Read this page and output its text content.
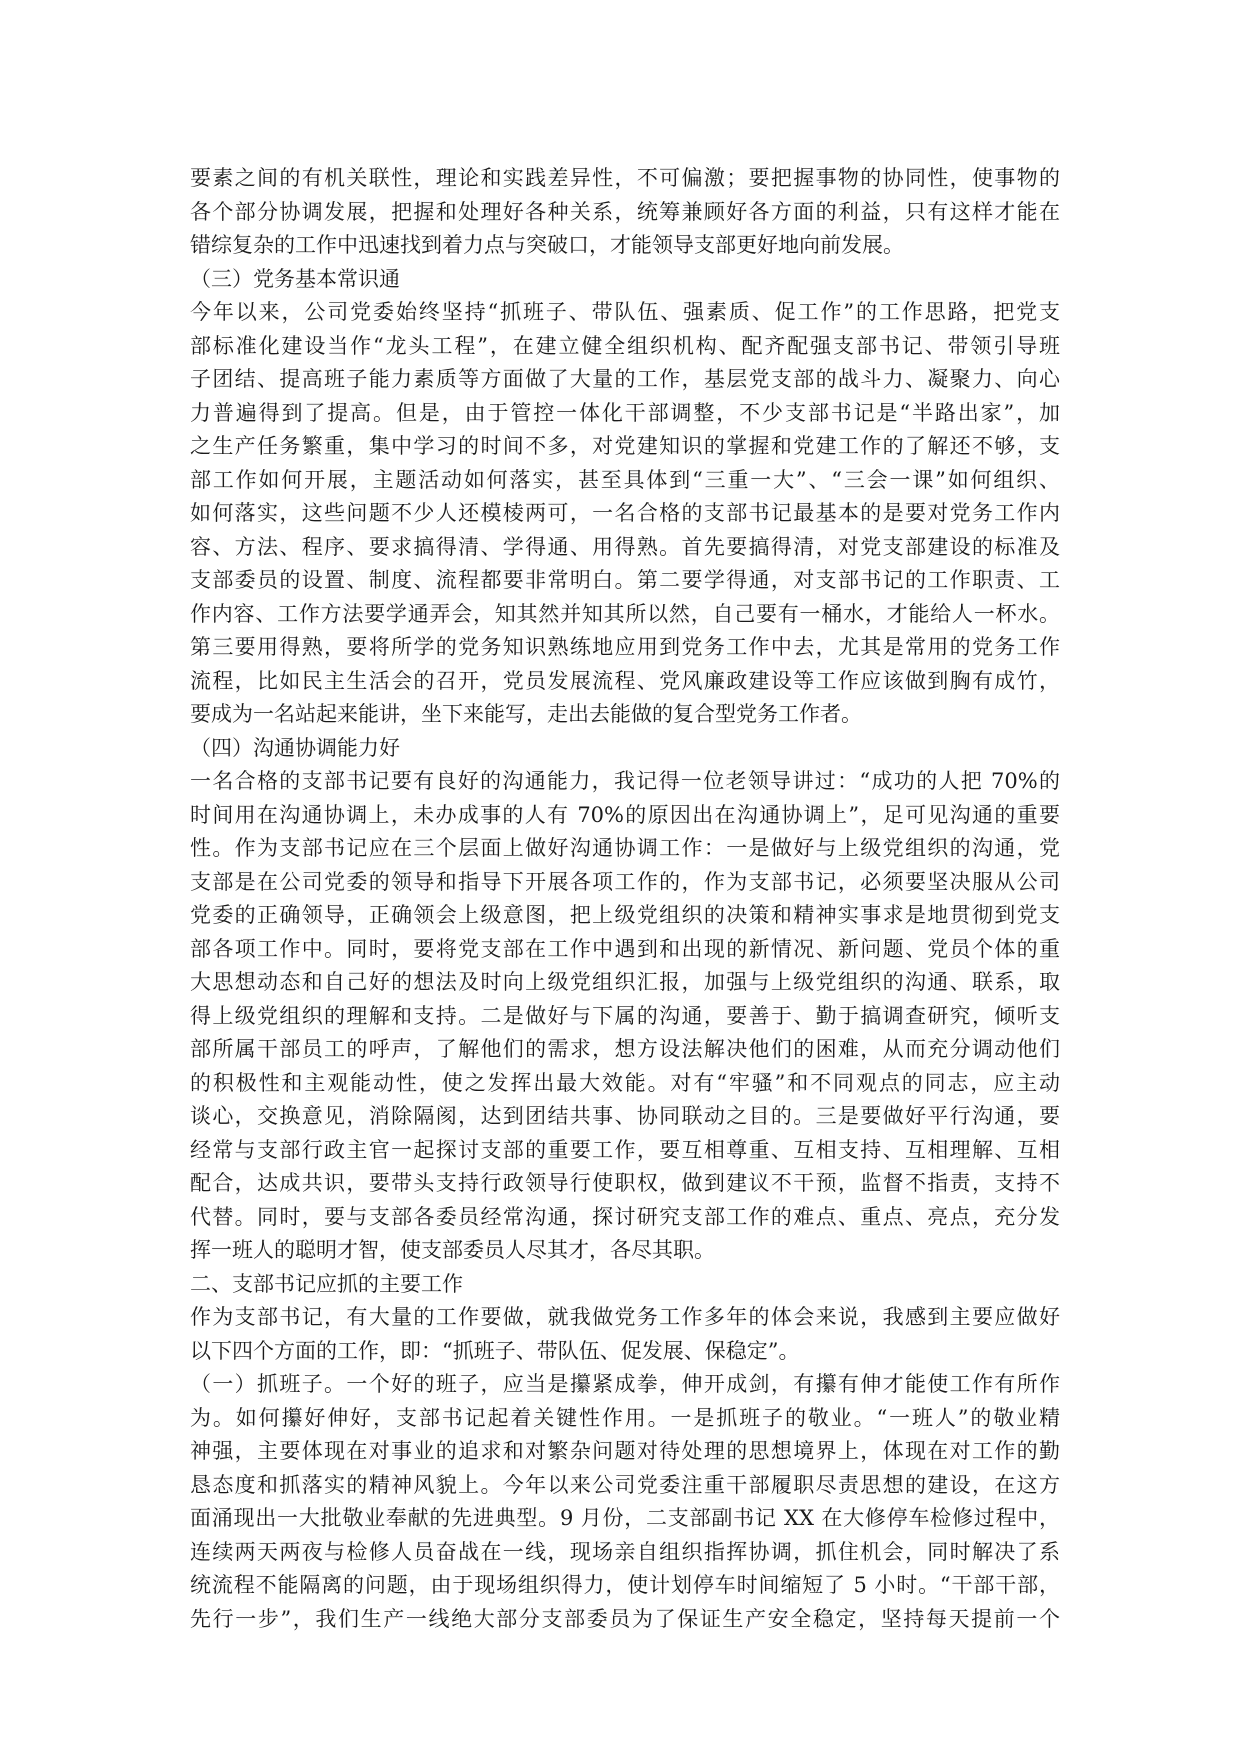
要素之间的有机关联性，理论和实践差异性，不可偏激；要把握事物的协同性，使事物的
各个部分协调发展，把握和处理好各种关系，统筹兼顾好各方面的利益，只有这样才能在
错综复杂的工作中迅速找到着力点与突破口，才能领导支部更好地向前发展。
（三）党务基本常识通
今年以来，公司党委始终坚持“抓班子、带队伍、强素质、促工作”的工作思路，把党支
部标准化建设当作“龙头工程”，在建立健全组织机构、配齐配强支部书记、带领引导班
子团结、提高班子能力素质等方面做了大量的工作，基层党支部的战斗力、凝聚力、向心
力普遍得到了提高。但是，由于管控一体化干部调整，不少支部书记是“半路出家”，加
之生产任务繁重，集中学习的时间不多，对党建知识的掌握和党建工作的了解还不够，支
部工作如何开展，主题活动如何落实，甚至具体到“三重一大”、“三会一课”如何组织、
如何落实，这些问题不少人还模棱两可，一名合格的支部书记最基本的是要对党务工作内
容、方法、程序、要求搞得清、学得通、用得熟。首先要搞得清，对党支部建设的标准及
支部委员的设置、制度、流程都要非常明白。第二要学得通，对支部书记的工作职责、工
作内容、工作方法要学通弄会，知其然并知其所以然，自己要有一桶水，才能给人一杯水。
第三要用得熟，要将所学的党务知识熟练地应用到党务工作中去，尤其是常用的党务工作
流程，比如民主生活会的召开，党员发展流程、党风廉政建设等工作应该做到胸有成竹，
要成为一名站起来能讲，坐下来能写，走出去能做的复合型党务工作者。
（四）沟通协调能力好
一名合格的支部书记要有良好的沟通能力，我记得一位老领导讲过：“成功的人把 70%的
时间用在沟通协调上，未办成事的人有 70%的原因出在沟通协调上”，足可见沟通的重要
性。作为支部书记应在三个层面上做好沟通协调工作：一是做好与上级党组织的沟通，党
支部是在公司党委的领导和指导下开展各项工作的，作为支部书记，必须要坚决服从公司
党委的正确领导，正确领会上级意图，把上级党组织的决策和精神实事求是地贯彻到党支
部各项工作中。同时，要将党支部在工作中遇到和出现的新情况、新问题、党员个体的重
大思想动态和自己好的想法及时向上级党组织汇报，加强与上级党组织的沟通、联系，取
得上级党组织的理解和支持。二是做好与下属的沟通，要善于、勤于搞调查研究，倾听支
部所属干部员工的呼声，了解他们的需求，想方设法解决他们的困难，从而充分调动他们
的积极性和主观能动性，使之发挥出最大效能。对有“牢骚”和不同观点的同志，应主动
谈心，交换意见，消除隔阂，达到团结共事、协同联动之目的。三是要做好平行沟通，要
经常与支部行政主官一起探讨支部的重要工作，要互相尊重、互相支持、互相理解、互相
配合，达成共识，要带头支持行政领导行使职权，做到建议不干预，监督不指责，支持不
代替。同时，要与支部各委员经常沟通，探讨研究支部工作的难点、重点、亮点，充分发
挥一班人的聪明才智，使支部委员人尽其才，各尽其职。
二、支部书记应抓的主要工作
作为支部书记，有大量的工作要做，就我做党务工作多年的体会来说，我感到主要应做好
以下四个方面的工作，即：“抓班子、带队伍、促发展、保稳定”。
（一）抓班子。一个好的班子，应当是攥紧成拳，伸开成剑，有攥有伸才能使工作有所作
为。如何攥好伸好，支部书记起着关键性作用。一是抓班子的敬业。“一班人”的敬业精
神强，主要体现在对事业的追求和对繁杂问题对待处理的思想境界上，体现在对工作的勤
恳态度和抓落实的精神风貌上。今年以来公司党委注重干部履职尽责思想的建设，在这方
面涌现出一大批敬业奉献的先进典型。9 月份，二支部副书记 XX 在大修停车检修过程中，
连续两天两夜与检修人员奋战在一线，现场亲自组织指挥协调，抓住机会，同时解决了系
统流程不能隔离的问题，由于现场组织得力，使计划停车时间缩短了 5 小时。“干部干部，
先行一步”，我们生产一线绝大部分支部委员为了保证生产安全稳定，坚持每天提前一个
